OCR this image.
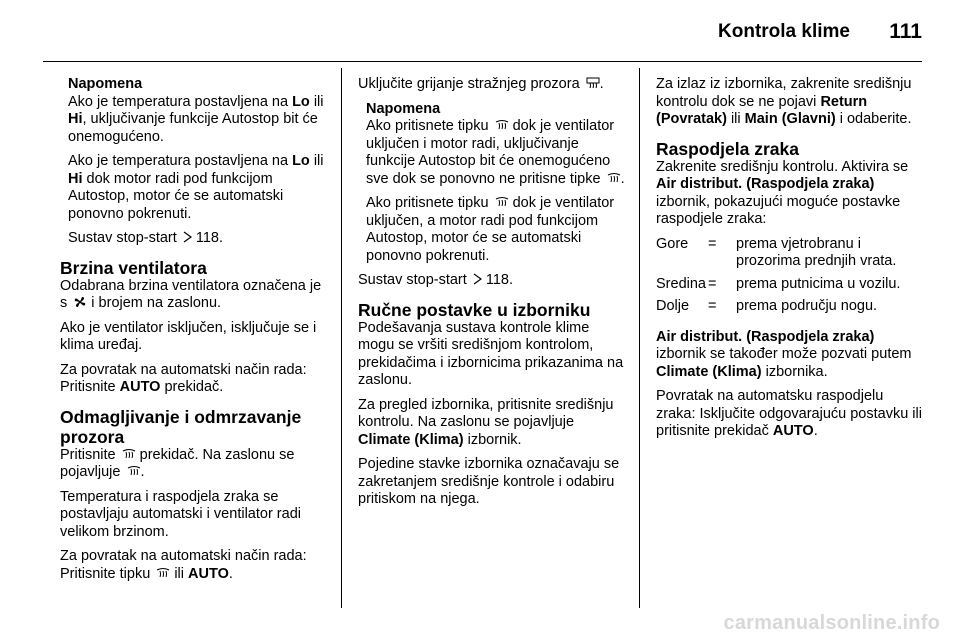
Kontrola klime 111

Napomena

Ako je temperatura postavljena na Lo ili Hi, uključivanje funkcije Autostop bit će onemogućeno.

Ako je temperatura postavljena na Lo ili Hi dok motor radi pod funkcijom Autostop, motor će se automatski ponovno pokrenuti.

Sustav stop-start
118.

Brzina ventilatora

Odabrana brzina ventilatora označena je s
i brojem na zaslonu.

Ako je ventilator isključen, isključuje se i klima uređaj.

Za povratak na automatski način rada: Pritisnite AUTO prekidač.

Odmagljivanje i odmrzavanje prozora

Pritisnite
prekidač. Na zaslonu se pojavljuje
.

Temperatura i raspodjela zraka se postavljaju automatski i ventilator radi velikom brzinom.

Za povratak na automatski način rada: Pritisnite tipku
ili AUTO.

Uključite grijanje stražnjeg prozora
.

Napomena

Ako pritisnete tipku
dok je ventilator uključen i motor radi, uključivanje funkcije Autostop bit će onemogućeno sve dok se ponovno ne pritisne tipke
.

Ako pritisnete tipku
dok je ventilator uključen, a motor radi pod funkcijom Autostop, motor će se automatski ponovno pokrenuti.

Sustav stop-start
118.

Ručne postavke u izborniku

Podešavanja sustava kontrole klime mogu se vršiti središnjom kontrolom, prekidačima i izbornicima prikazanima na zaslonu.

Za pregled izbornika, pritisnite središnju kontrolu. Na zaslonu se pojavljuje Climate (Klima) izbornik.

Pojedine stavke izbornika označavaju se zakretanjem središnje kontrole i odabiru pritiskom na njega.

Za izlaz iz izbornika, zakrenite središnju kontrolu dok se ne pojavi Return (Povratak) ili Main (Glavni) i odaberite.

Raspodjela zraka

Zakrenite središnju kontrolu. Aktivira se Air distribut. (Raspodjela zraka) izbornik, pokazujući moguće postavke raspodjele zraka:

Gore	=	prema vjetrobranu i prozorima prednjih vrata.
Sredina	=	prema putnicima u vozilu.
Dolje	=	prema području nogu.

Air distribut. (Raspodjela zraka) izbornik se također može pozvati putem Climate (Klima) izbornika.

Povratak na automatsku raspodjelu zraka: Isključite odgovarajuću postavku ili pritisnite prekidač AUTO.

carmanualsonline.info
